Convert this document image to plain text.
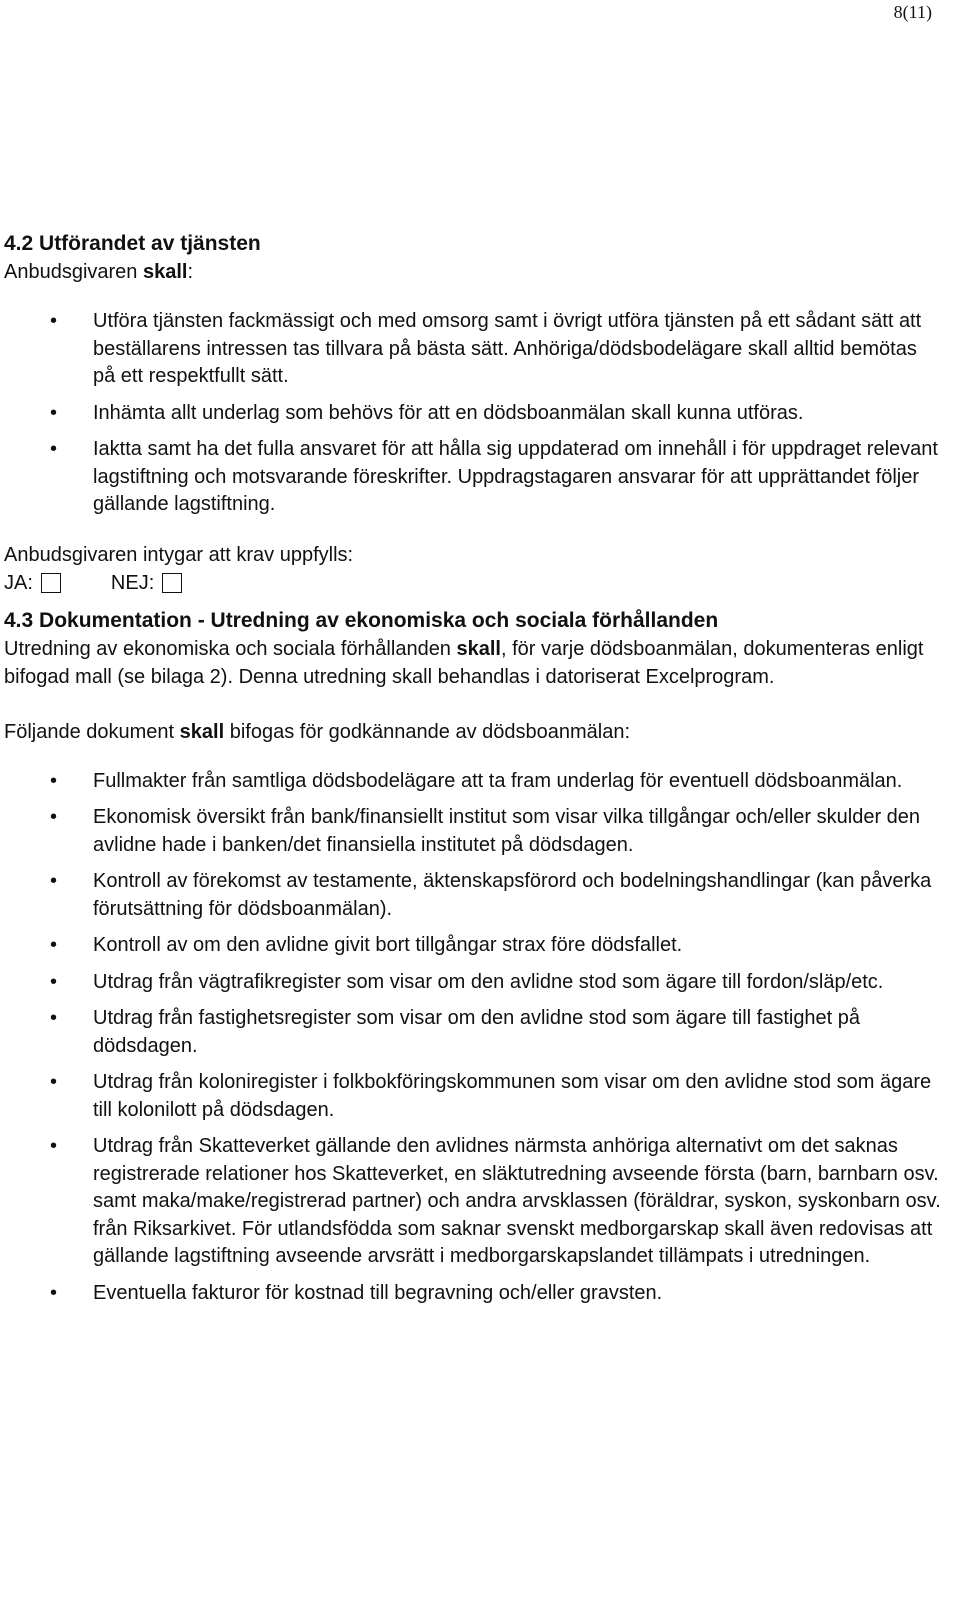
8(11)
4.2 Utförandet av tjänsten

Anbudsgivaren skall:

• Utföra tjänsten fackmässigt och med omsorg samt i övrigt utföra tjänsten på ett sådant sätt att beställarens intressen tas tillvara på bästa sätt. Anhöriga/dödsbodelägare skall alltid bemötas på ett respektfullt sätt.
• Inhämta allt underlag som behövs för att en dödsboanmälan skall kunna utföras.
• Iaktta samt ha det fulla ansvaret för att hålla sig uppdaterad om innehåll i för uppdraget relevant lagstiftning och motsvarande föreskrifter. Uppdragstagaren ansvarar för att upprättandet följer gällande lagstiftning.

Anbudsgivaren intygar att krav uppfylls:

JA:	NEJ:
4.3 Dokumentation - Utredning av ekonomiska och sociala förhållanden

Utredning av ekonomiska och sociala förhållanden skall, för varje dödsboanmälan, dokumenteras enligt bifogad mall (se bilaga 2). Denna utredning skall behandlas i datoriserat Excelprogram.

Följande dokument skall bifogas för godkännande av dödsboanmälan:

• Fullmakter från samtliga dödsbodelägare att ta fram underlag för eventuell dödsboanmälan.
• Ekonomisk översikt från bank/finansiellt institut som visar vilka tillgångar och/eller skulder den avlidne hade i banken/det finansiella institutet på dödsdagen.
• Kontroll av förekomst av testamente, äktenskapsförord och bodelningshandlingar (kan påverka förutsättning för dödsboanmälan).
• Kontroll av om den avlidne givit bort tillgångar strax före dödsfallet.
• Utdrag från vägtrafikregister som visar om den avlidne stod som ägare till fordon/släp/etc.
• Utdrag från fastighetsregister som visar om den avlidne stod som ägare till fastighet på dödsdagen.
• Utdrag från koloniregister i folkbokföringskommunen som visar om den avlidne stod som ägare till kolonilott på dödsdagen.
• Utdrag från Skatteverket gällande den avlidnes närmsta anhöriga alternativt om det saknas registrerade relationer hos Skatteverket, en släktutredning avseende första (barn, barnbarn osv. samt maka/make/registrerad partner) och andra arvsklassen (föräldrar, syskon, syskonbarn osv. från Riksarkivet. För utlandsfödda som saknar svenskt medborgarskap skall även redovisas att gällande lagstiftning avseende arvsrätt i medborgarskapslandet tillämpats i utredningen.
• Eventuella fakturor för kostnad till begravning och/eller gravsten.
